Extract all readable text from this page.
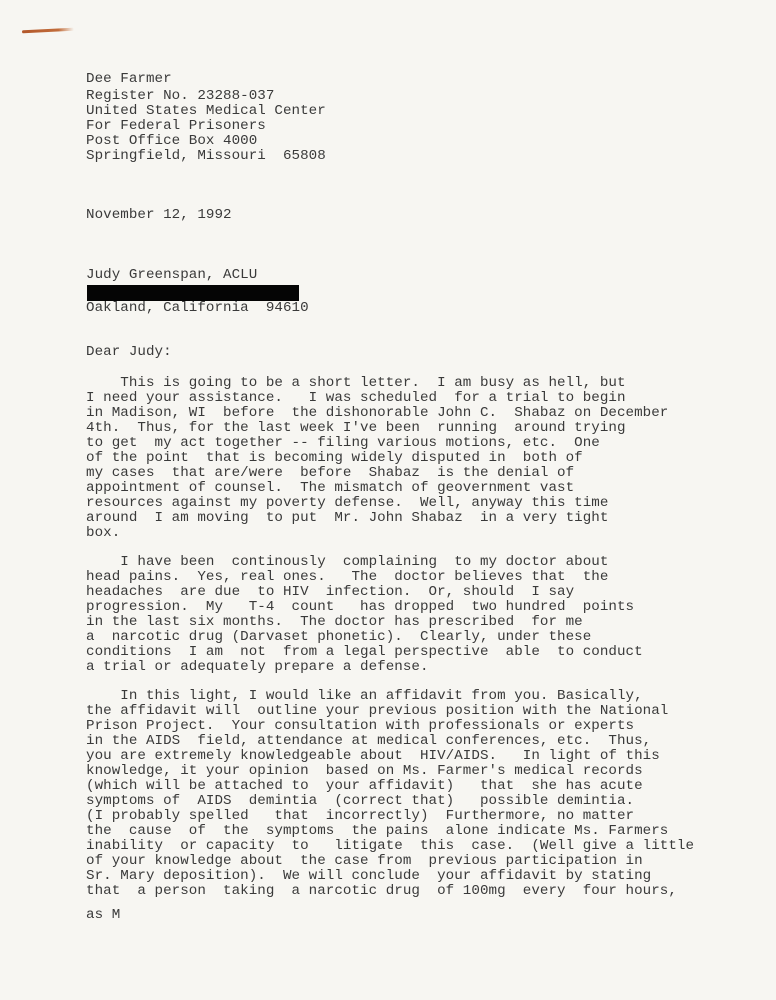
Dee Farmer
Register No. 23288-037
United States Medical Center
For Federal Prisoners
Post Office Box 4000
Springfield, Missouri  65808
November 12, 1992
Judy Greenspan, ACLU
Oakland, California  94610
Dear Judy:
This is going to be a short letter.  I am busy as hell, but
I need your assistance.   I was scheduled  for a trial to begin
in Madison, WI  before  the dishonorable John C.  Shabaz on December
4th.  Thus, for the last week I've been  running  around trying
to get  my act together -- filing various motions, etc.  One
of the point  that is becoming widely disputed in  both of
my cases  that are/were  before  Shabaz  is the denial of
appointment of counsel.  The mismatch of geovernment vast
resources against my poverty defense.  Well, anyway this time
around  I am moving  to put  Mr. John Shabaz  in a very tight
box.
I have been  continously  complaining  to my doctor about
head pains.  Yes, real ones.   The  doctor believes that  the
headaches  are due  to HIV  infection.  Or, should  I say
progression.  My   T-4  count   has dropped  two hundred  points
in the last six months.  The doctor has prescribed  for me
a  narcotic drug (Darvaset phonetic).  Clearly, under these
conditions  I am  not  from a legal perspective  able  to conduct
a trial or adequately prepare a defense.
In this light, I would like an affidavit from you. Basically,
the affidavit will  outline your previous position with the National
Prison Project.  Your consultation with professionals or experts
in the AIDS  field, attendance at medical conferences, etc.  Thus,
you are extremely knowledgeable about  HIV/AIDS.   In light of this
knowledge, it your opinion  based on Ms. Farmer's medical records
(which will be attached to  your affidavit)   that  she has acute
symptoms of  AIDS  demintia  (correct that)   possible demintia.
(I probably spelled   that  incorrectly)  Furthermore, no matter
the  cause  of  the  symptoms  the pains  alone indicate Ms. Farmers
inability  or capacity  to   litigate  this  case.  (Well give a little
of your knowledge about  the case from  previous participation in
Sr. Mary deposition).  We will conclude  your affidavit by stating
that  a person  taking  a narcotic drug  of 100mg  every  four hours,
as M
